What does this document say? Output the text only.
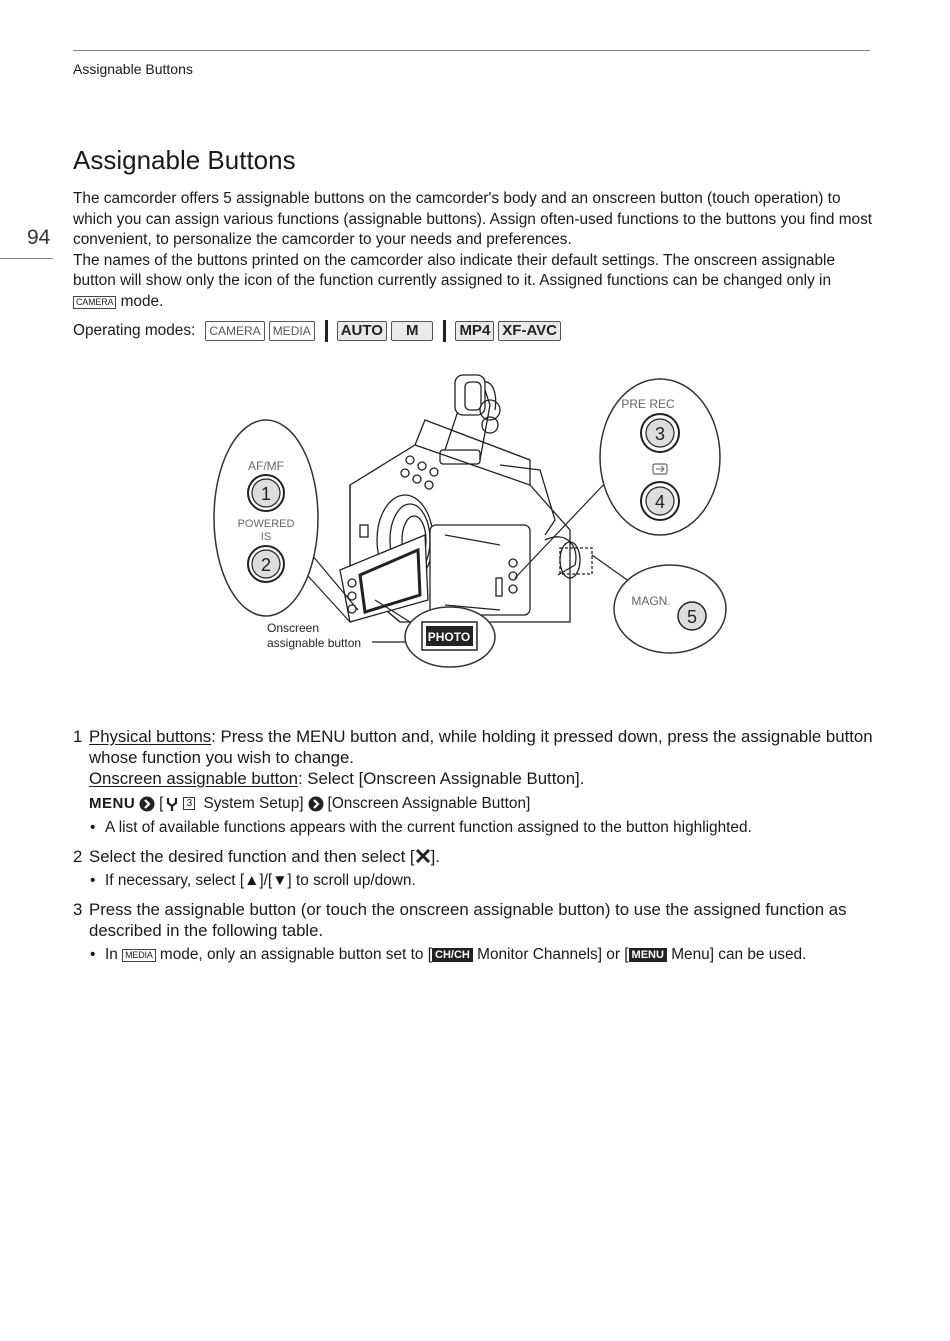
Assignable Buttons
94
Assignable Buttons

The camcorder offers 5 assignable buttons on the camcorder's body and an onscreen button (touch operation) to which you can assign various functions (assignable buttons). Assign often-used functions to the buttons you find most convenient, to personalize the camcorder to your needs and preferences.

The names of the buttons printed on the camcorder also indicate their default settings. The onscreen assignable button will show only the icon of the function currently assigned to it. Assigned functions can be changed only in
CAMERA mode.

Operating modes:	CAMERA	MEDIA AUTO	M	MP4 XF-AVC
AF/MF
1
POWERED
IS
2
PRE REC
3
4
MAGN.
5
PHOTO
Onscreen
assignable button
1 Physical buttons: Press the MENU button and, while holding it pressed down, press the assignable button whose function you wish to change.
Onscreen assignable button: Select [Onscreen Assignable Button].
MENU [	3 System Setup] [Onscreen Assignable Button]
• A list of available functions appears with the current function assigned to the button highlighted.
2 Select the desired function and then select [ ].
• If necessary, select [▲]/[▼] to scroll up/down.
3 Press the assignable button (or touch the onscreen assignable button) to use the assigned function as described in the following table.
• In MEDIA mode, only an assignable button set to [ CH/CH Monitor Channels] or [ MENU Menu] can be used.
